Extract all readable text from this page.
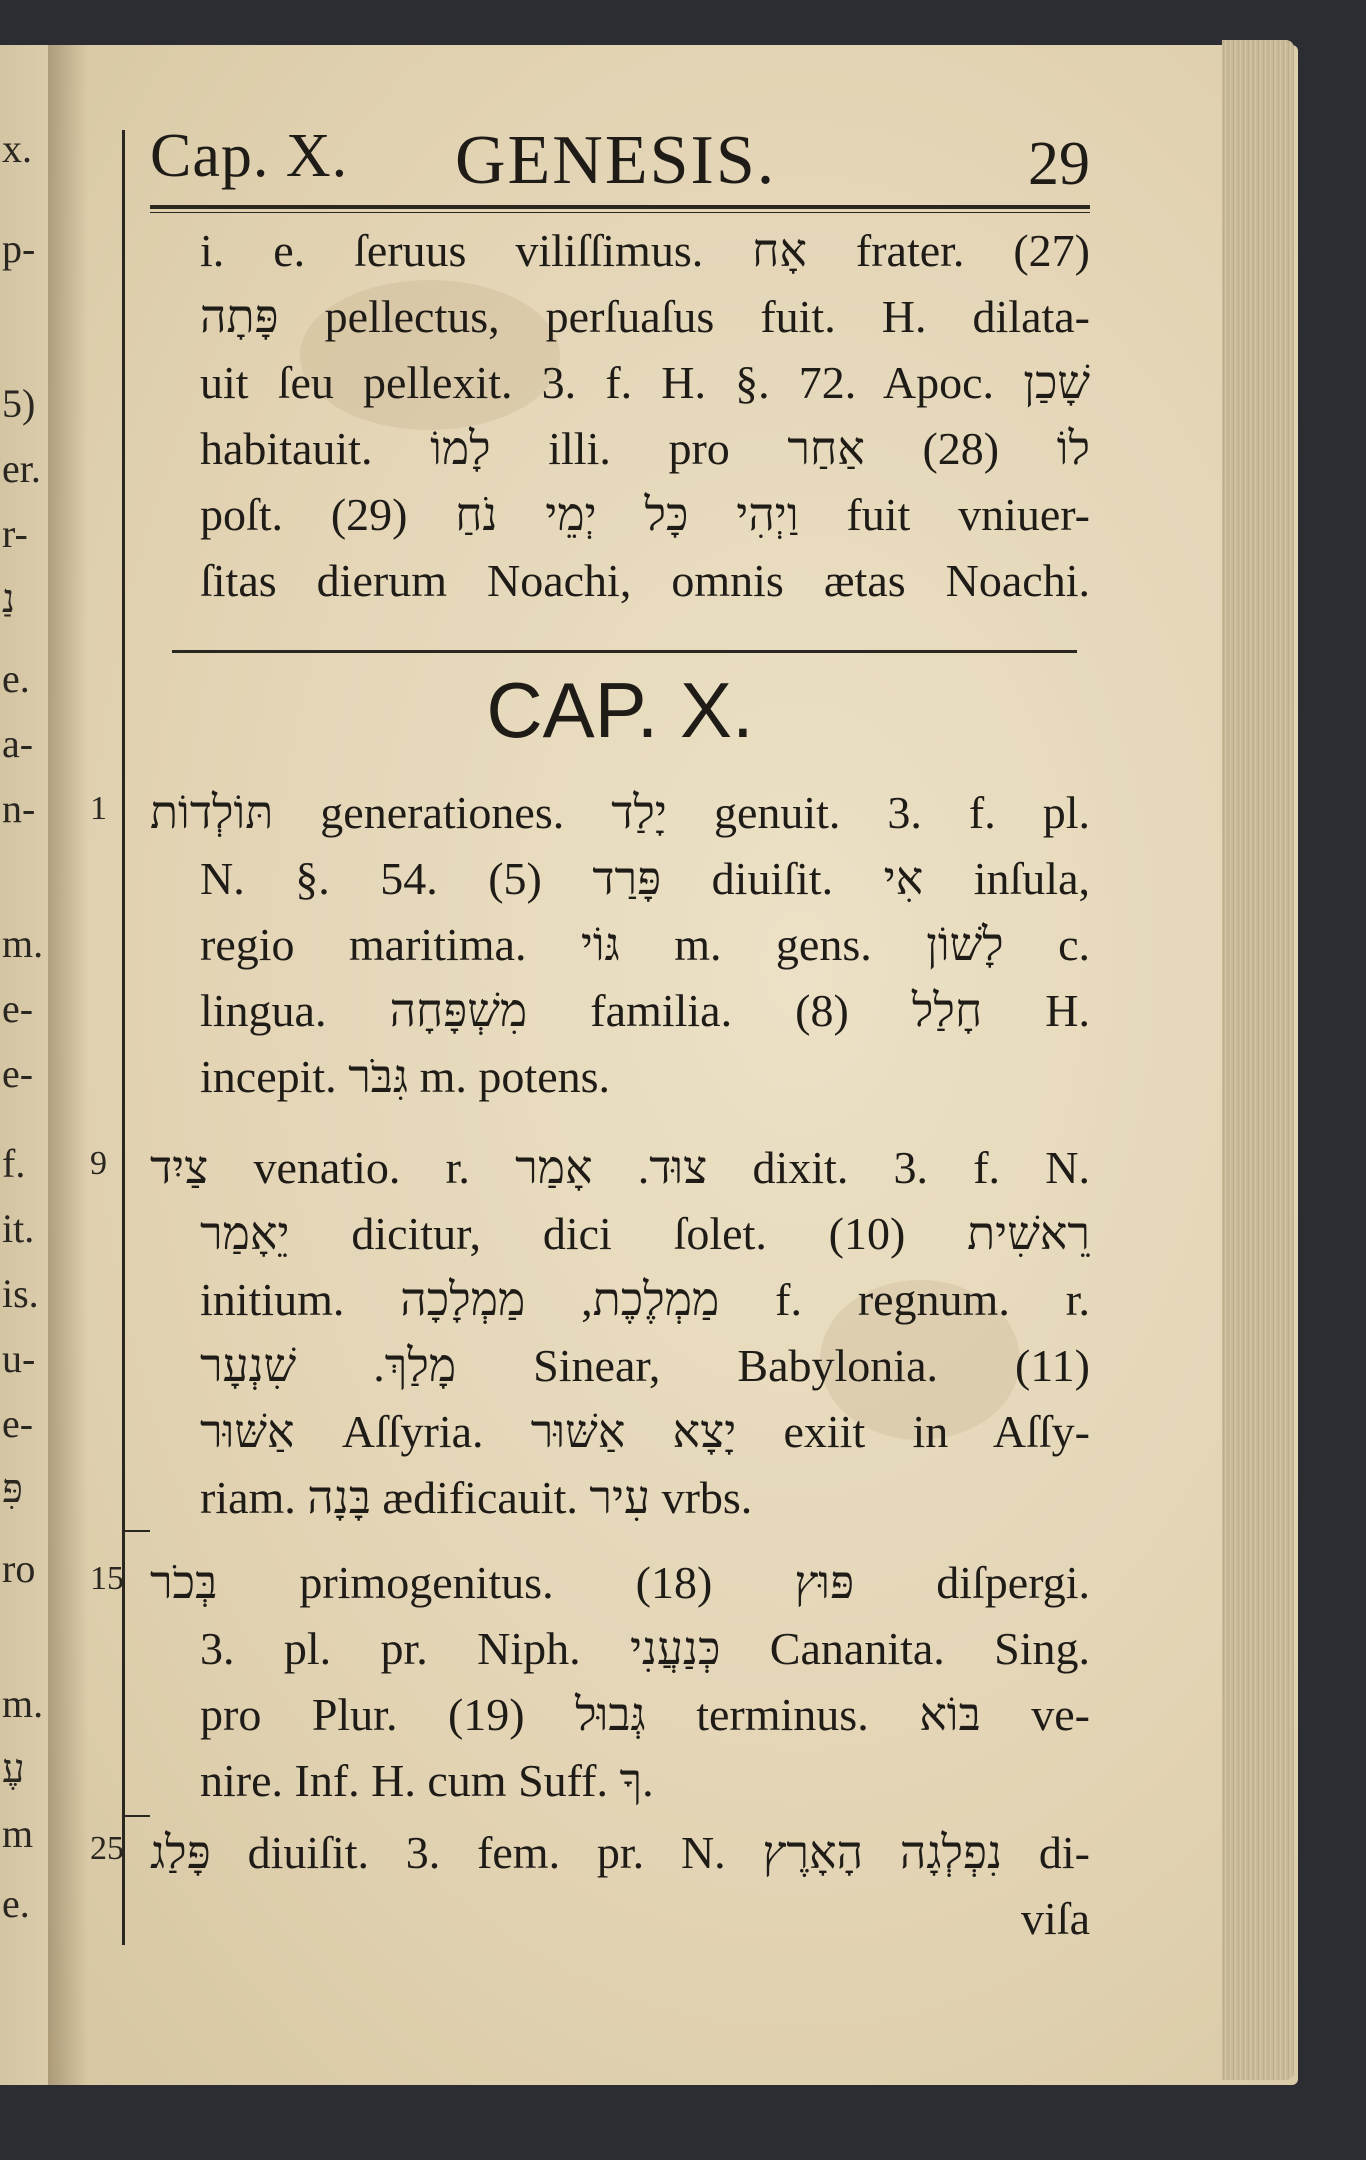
x.
p-
5)
er.
r-
נַ
e.
a-
n-
m.
e-
e-
f.
it.
is.
u-
e-
פִּ
ro
m.
עֶ
m
e.
Cap. X. GENESIS.	29
i. e. ſeruus viliſſimus. אָח frater. (27)
פָּתָה pellectus, perſuaſus fuit. H. dilata-
uit ſeu pellexit. 3. f. H. §. 72. Apoc. שָׁכַן
habitauit. לָמוֹ illi. pro לוֹ (28) אַחַר
poſt. (29) וַיְהִי כָּל יְמֵי נֹחַ fuit vniuer-
ſitas dierum Noachi, omnis ætas Noachi.
CAP. X.
1 תּוֹלְדוֹת generationes. יָלַד genuit. 3. f. pl.
N. §. 54. (5) פָּרַד diuiſit. אִי inſula,
regio maritima. גּוֹי m. gens. לָשׁוֹן c.
lingua. מִשְׁפָּחָה familia. (8) חָלַל H.
incepit. גִּבֹּר m. potens.
9 צַיִד venatio. r. צוּד. אָמַר dixit. 3. f. N.
יֵאָמַר dicitur, dici ſolet. (10) רֵאשִׁית
initium. מַמְלֶכֶת, מַמְלָכָה f. regnum. r.
מָלַךְ. שִׁנְעָר Sinear, Babylonia. (11)
אַשּׁוּר Aſſyria. יָצָא אַשּׁוּר exiit in Aſſy-
riam. בָּנָה ædificauit. עִיר vrbs.
15 בְּכֹר primogenitus. (18) פּוּץ diſpergi.
3. pl. pr. Niph. כְּנַעֲנִי Cananita. Sing.
pro Plur. (19) גְּבוּל terminus. בּוֹא ve-
nire. Inf. H. cum Suff. ךָ.
25 פָּלַג diuiſit. 3. fem. pr. N. נִפְלְגָה הָאָרֶץ di-
viſa
